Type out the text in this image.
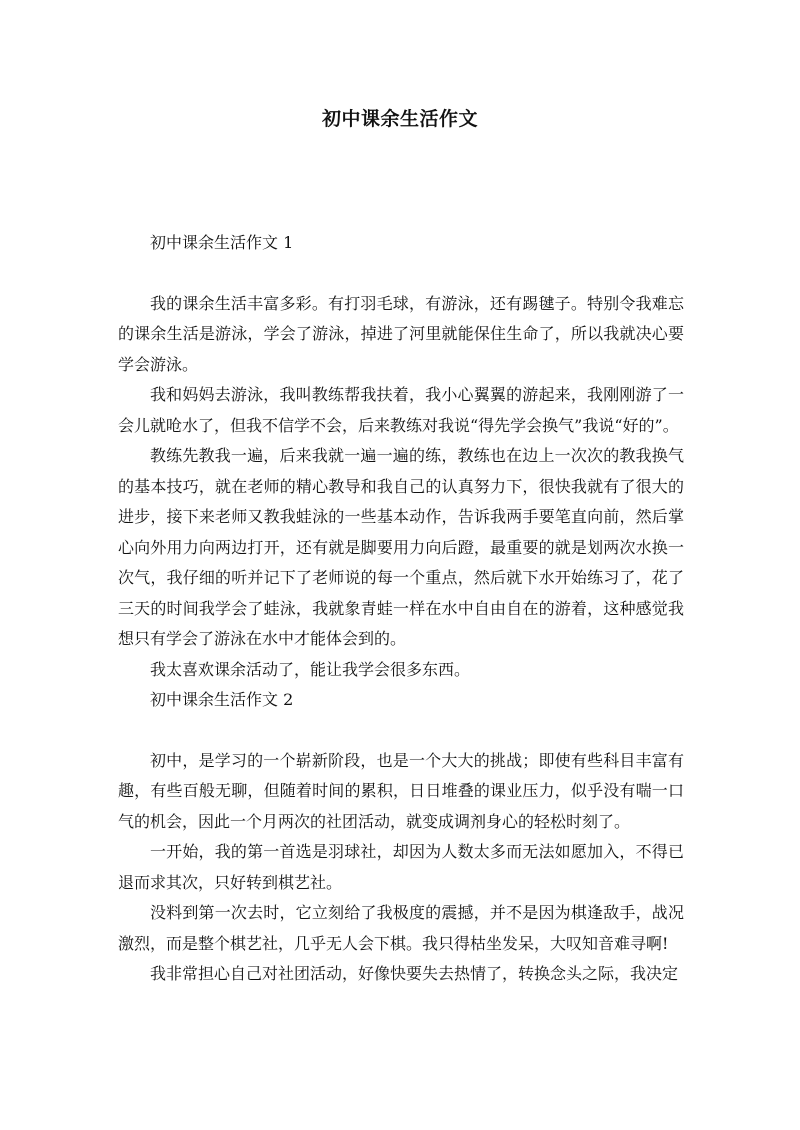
初中课余生活作文

初中课余生活作文 1

我的课余生活丰富多彩。有打羽毛球，有游泳，还有踢毽子。特别令我难忘的课余生活是游泳，学会了游泳，掉进了河里就能保住生命了，所以我就决心要学会游泳。

我和妈妈去游泳，我叫教练帮我扶着，我小心翼翼的游起来，我刚刚游了一会儿就呛水了，但我不信学不会，后来教练对我说“得先学会换气”我说“好的”。

教练先教我一遍，后来我就一遍一遍的练，教练也在边上一次次的教我换气的基本技巧，就在老师的精心教导和我自己的认真努力下，很快我就有了很大的进步，接下来老师又教我蛙泳的一些基本动作，告诉我两手要笔直向前，然后掌心向外用力向两边打开，还有就是脚要用力向后蹬，最重要的就是划两次水换一次气，我仔细的听并记下了老师说的每一个重点，然后就下水开始练习了，花了三天的时间我学会了蛙泳，我就象青蛙一样在水中自由自在的游着，这种感觉我想只有学会了游泳在水中才能体会到的。

我太喜欢课余活动了，能让我学会很多东西。

初中课余生活作文 2

初中，是学习的一个崭新阶段，也是一个大大的挑战；即使有些科目丰富有趣，有些百般无聊，但随着时间的累积，日日堆叠的课业压力，似乎没有喘一口气的机会，因此一个月两次的社团活动，就变成调剂身心的轻松时刻了。

一开始，我的第一首选是羽球社，却因为人数太多而无法如愿加入，不得已退而求其次，只好转到棋艺社。

没料到第一次去时，它立刻给了我极度的震撼，并不是因为棋逢敌手，战况激烈，而是整个棋艺社，几乎无人会下棋。我只得枯坐发呆，大叹知音难寻啊!

我非常担心自己对社团活动，好像快要失去热情了，转换念头之际，我决定
